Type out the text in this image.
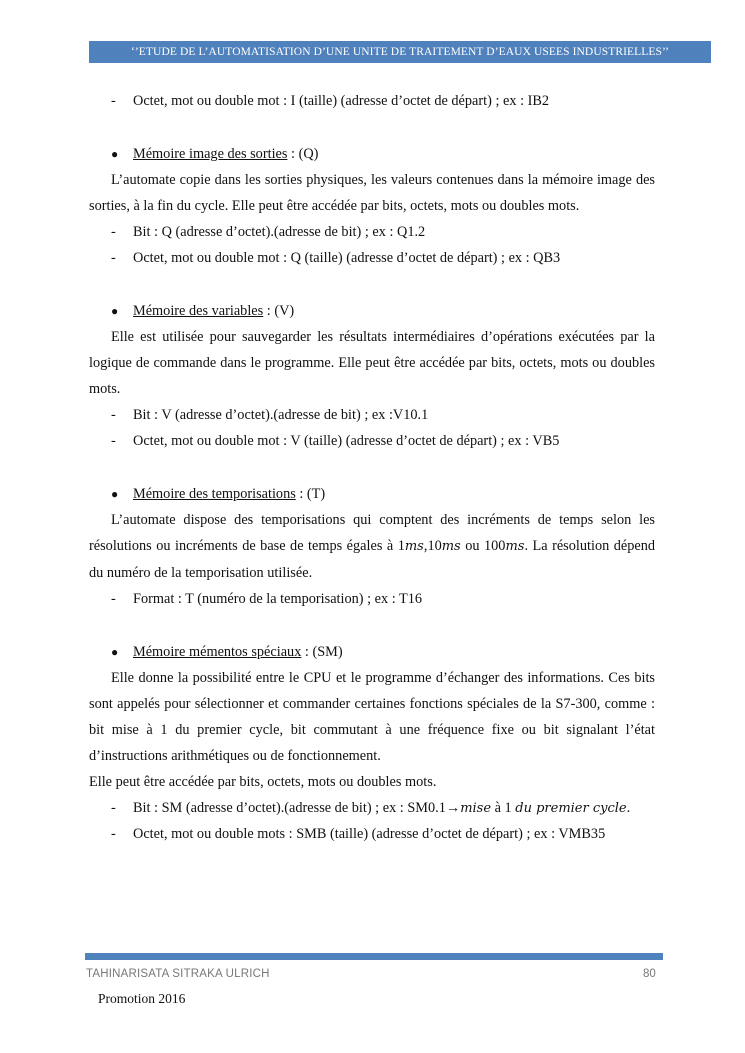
‘’ETUDE DE L’AUTOMATISATION D’UNE UNITE DE TRAITEMENT D’EAUX USEES INDUSTRIELLES’’
- Octet, mot ou double mot : I (taille) (adresse d’octet de départ) ; ex : IB2
● Mémoire image des sorties : (Q)
L’automate copie dans les sorties physiques, les valeurs contenues dans la mémoire image des sorties, à la fin du cycle. Elle peut être accédée par bits, octets, mots ou doubles mots.
- Bit : Q (adresse d’octet).(adresse de bit) ; ex : Q1.2
- Octet, mot ou double mot : Q (taille) (adresse d’octet de départ) ; ex : QB3
● Mémoire des variables : (V)
Elle est utilisée pour sauvegarder les résultats intermédiaires d’opérations exécutées par la logique de commande dans le programme. Elle peut être accédée par bits, octets, mots ou doubles mots.
- Bit : V (adresse d’octet).(adresse de bit) ; ex :V10.1
- Octet, mot ou double mot : V (taille) (adresse d’octet de départ) ; ex : VB5
● Mémoire des temporisations : (T)
L’automate dispose des temporisations qui comptent des incréments de temps selon les résolutions ou incréments de base de temps égales à 1ms,10ms ou 100ms. La résolution dépend du numéro de la temporisation utilisée.
- Format : T (numéro de la temporisation) ; ex : T16
● Mémoire mémentos spéciaux : (SM)
Elle donne la possibilité entre le CPU et le programme d’échanger des informations. Ces bits sont appelés pour sélectionner et commander certaines fonctions spéciales de la S7-300, comme : bit mise à 1 du premier cycle, bit commutant à une fréquence fixe ou bit signalant l’état d’instructions arithmétiques ou de fonctionnement.
Elle peut être accédée par bits, octets, mots ou doubles mots.
- Bit : SM (adresse d’octet).(adresse de bit) ; ex : SM0.1→mise à 1 du premier cycle.
- Octet, mot ou double mots : SMB (taille) (adresse d’octet de départ) ; ex : VMB35
TAHINARISATA SITRAKA ULRICH	80
Promotion 2016
